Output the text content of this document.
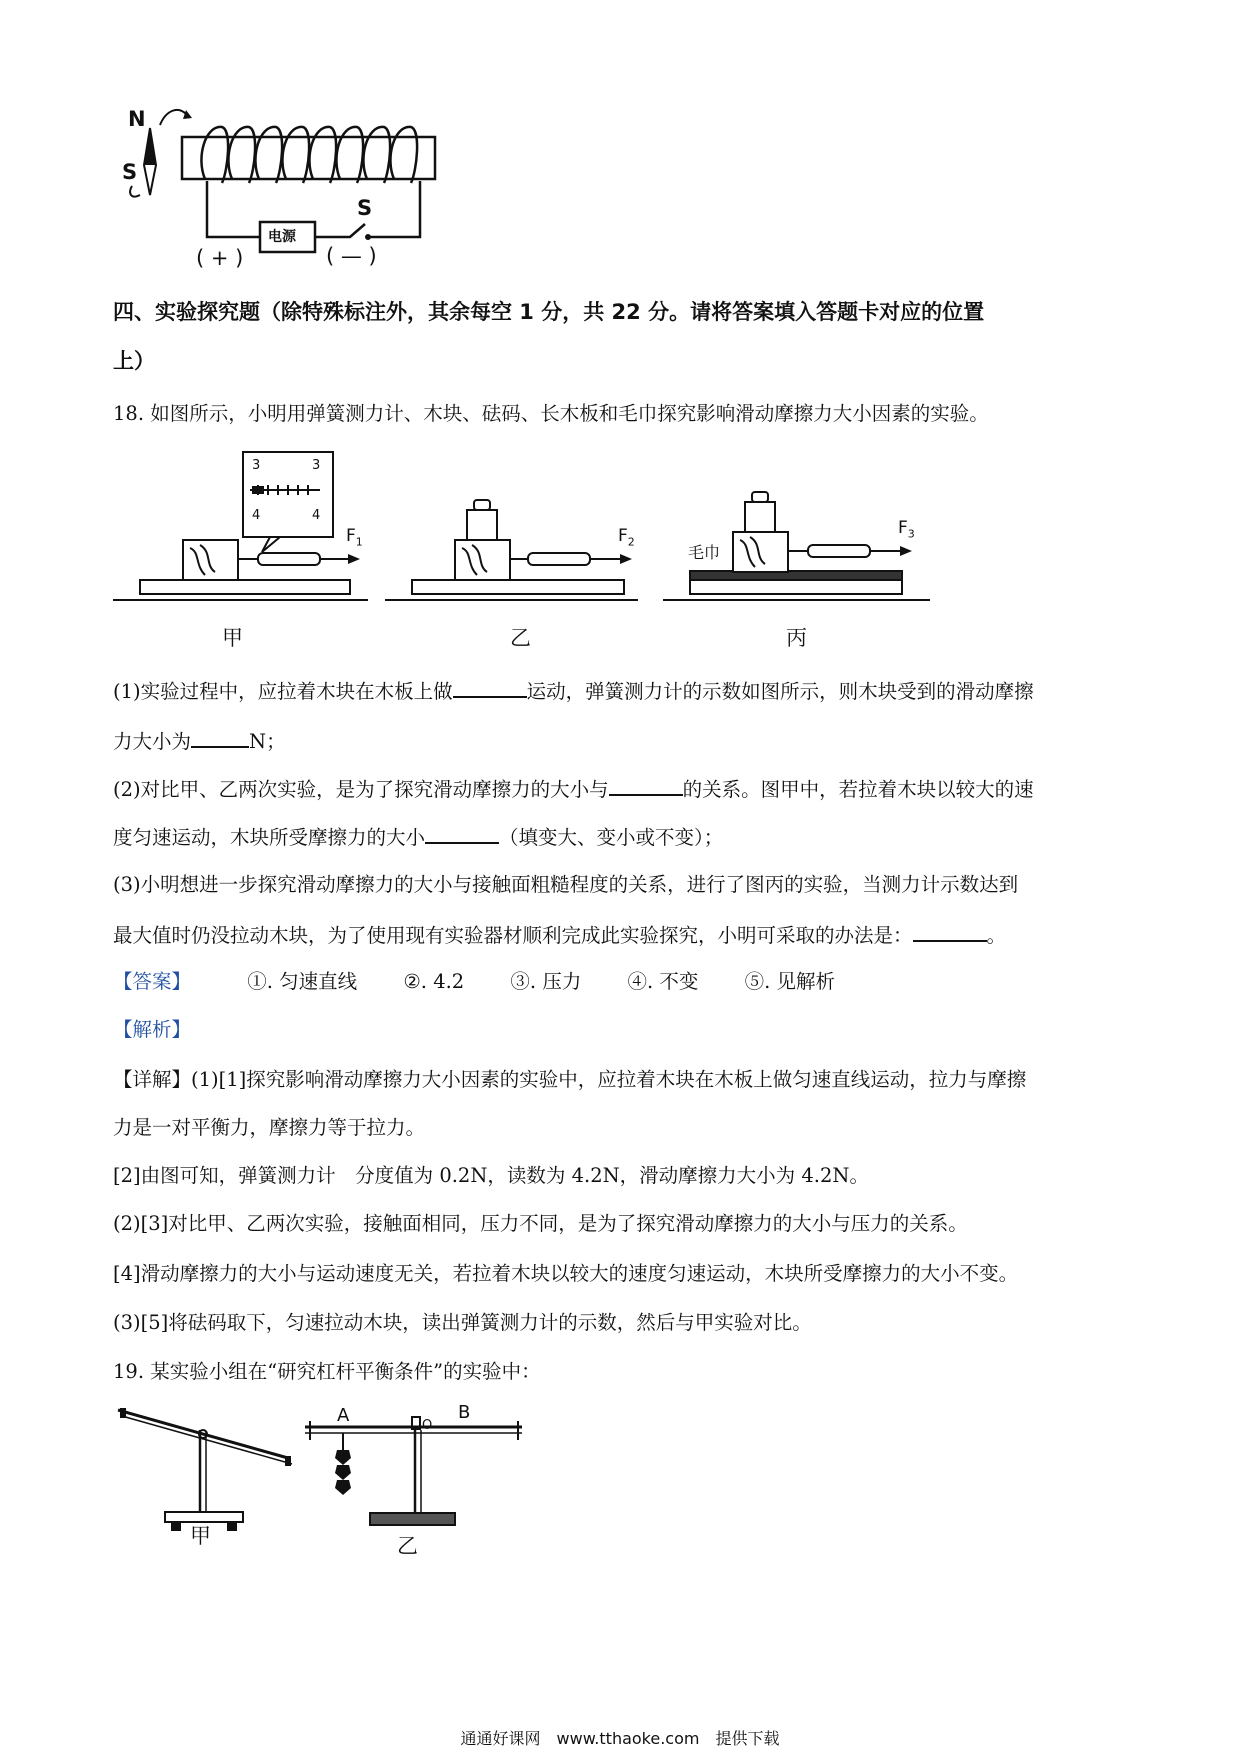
N
S
S
电源
( + )	( — )
四、实验探究题（除特殊标注外，其余每空 1 分，共 22 分。请将答案填入答题卡对应的位置
上）
18. 如图所示，小明用弹簧测力计、木块、砝码、长木板和毛巾探究影响滑动摩擦力大小因素的实验。
$F_1$	$F_2$
$F_3$
毛巾
3	3
4	4
甲	乙	丙
(1)实验过程中，应拉着木块在木板上做	运动，弹簧测力计的示数如图所示，则木块受到的滑动摩擦
力大小为	N；
(2)对比甲、乙两次实验，是为了探究滑动摩擦力的大小与	的关系。图甲中，若拉着木块以较大的速
度匀速运动，木块所受摩擦力的大小	（填变大、变小或不变）；
(3)小明想进一步探究滑动摩擦力的大小与接触面粗糙程度的关系，进行了图丙的实验，当测力计示数达到
最大值时仍没拉动木块，为了使用现有实验器材顺利完成此实验探究，小明可采取的办法是：	。
【答案】	①. 匀速直线 ②. 4.2 ③. 压力 ④. 不变 ⑤. 见解析
【解析】
【详解】(1)[1]探究影响滑动摩擦力大小因素的实验中，应拉着木块在木板上做匀速直线运动，拉力与摩擦
力是一对平衡力，摩擦力等于拉力。
[2]由图可知，弹簧测力计　分度值为 0.2N，读数为 4.2N，滑动摩擦力大小为 4.2N。
(2)[3]对比甲、乙两次实验，接触面相同，压力不同，是为了探究滑动摩擦力的大小与压力的关系。
[4]滑动摩擦力的大小与运动速度无关，若拉着木块以较大的速度匀速运动，木块所受摩擦力的大小不变。
(3)[5]将砝码取下，匀速拉动木块，读出弹簧测力计的示数，然后与甲实验对比。
19. 某实验小组在“研究杠杆平衡条件”的实验中：
A	B
O
甲	乙
通通好课网　www.tthaoke.com　提供下载
